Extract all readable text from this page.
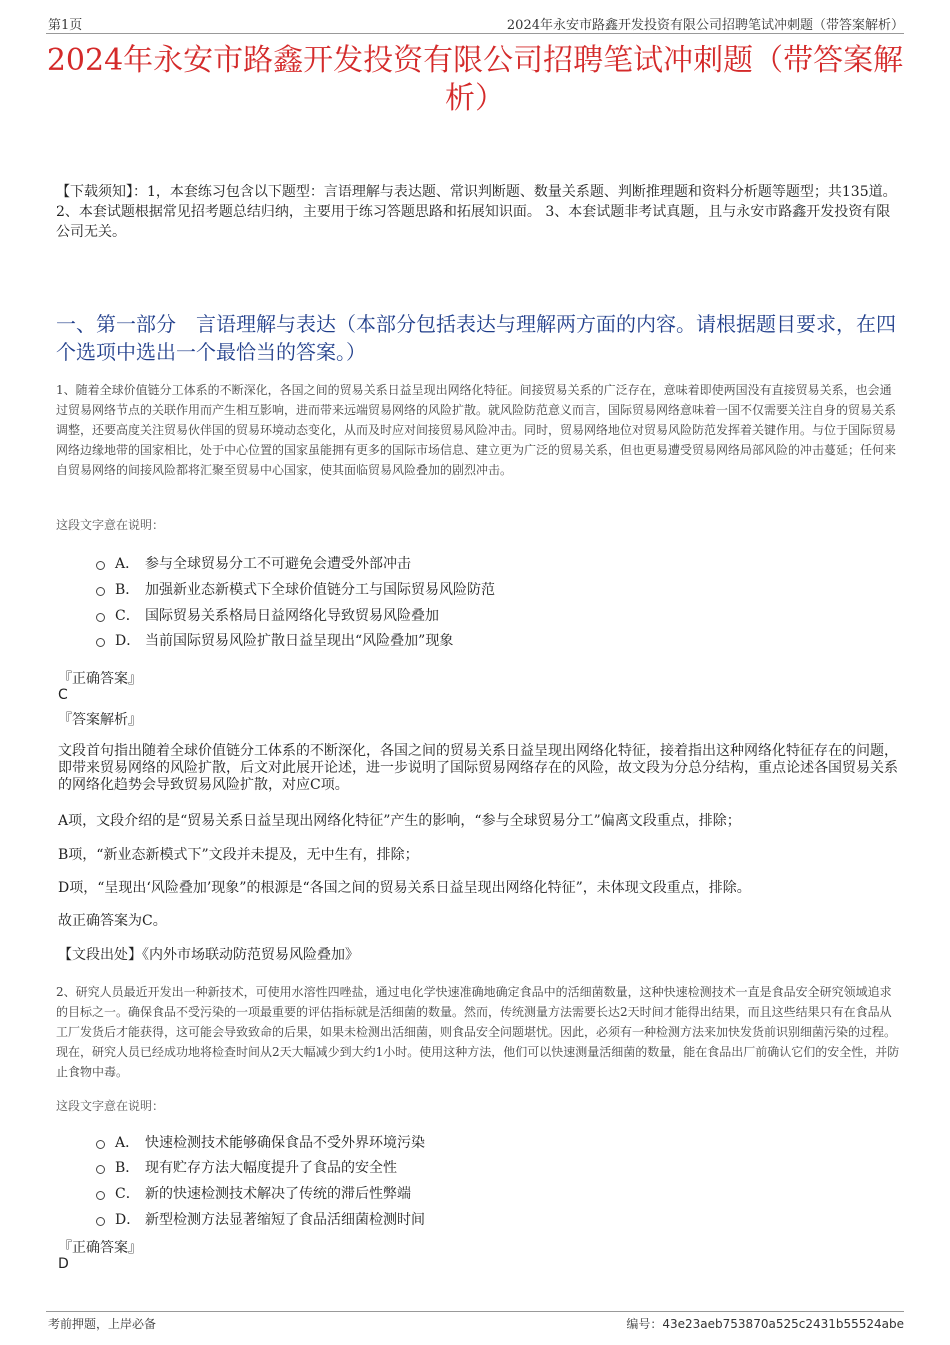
第1页	2024年永安市路鑫开发投资有限公司招聘笔试冲刺题（带答案解析）
2024年永安市路鑫开发投资有限公司招聘笔试冲刺题（带答案解析）
【下载须知】：1，本套练习包含以下题型：言语理解与表达题、常识判断题、数量关系题、判断推理题和资料分析题等题型；共135道。 2、本套试题根据常见招考题总结归纳，主要用于练习答题思路和拓展知识面。 3、本套试题非考试真题，且与永安市路鑫开发投资有限公司无关。
一、第一部分　言语理解与表达（本部分包括表达与理解两方面的内容。请根据题目要求，在四个选项中选出一个最恰当的答案。）
1、随着全球价值链分工体系的不断深化，各国之间的贸易关系日益呈现出网络化特征。间接贸易关系的广泛存在，意味着即使两国没有直接贸易关系，也会通过贸易网络节点的关联作用而产生相互影响，进而带来远端贸易网络的风险扩散。就风险防范意义而言，国际贸易网络意味着一国不仅需要关注自身的贸易关系调整，还要高度关注贸易伙伴国的贸易环境动态变化，从而及时应对间接贸易风险冲击。同时，贸易网络地位对贸易风险防范发挥着关键作用。与位于国际贸易网络边缘地带的国家相比，处于中心位置的国家虽能拥有更多的国际市场信息、建立更为广泛的贸易关系，但也更易遭受贸易网络局部风险的冲击蔓延；任何来自贸易网络的间接风险都将汇聚至贸易中心国家，使其面临贸易风险叠加的剧烈冲击。
这段文字意在说明：
A． 参与全球贸易分工不可避免会遭受外部冲击
B． 加强新业态新模式下全球价值链分工与国际贸易风险防范
C． 国际贸易关系格局日益网络化导致贸易风险叠加
D． 当前国际贸易风险扩散日益呈现出“风险叠加”现象
『正确答案』
C
『答案解析』
文段首句指出随着全球价值链分工体系的不断深化，各国之间的贸易关系日益呈现出网络化特征，接着指出这种网络化特征存在的问题，即带来贸易网络的风险扩散，后文对此展开论述，进一步说明了国际贸易网络存在的风险，故文段为分总分结构，重点论述各国贸易关系的网络化趋势会导致贸易风险扩散，对应C项。
A项，文段介绍的是“贸易关系日益呈现出网络化特征”产生的影响，“参与全球贸易分工”偏离文段重点，排除；
B项，“新业态新模式下”文段并未提及，无中生有，排除；
D项，“呈现出‘风险叠加’现象”的根源是“各国之间的贸易关系日益呈现出网络化特征”，未体现文段重点，排除。
故正确答案为C。
【文段出处】《内外市场联动防范贸易风险叠加》
2、研究人员最近开发出一种新技术，可使用水溶性四唑盐，通过电化学快速准确地确定食品中的活细菌数量，这种快速检测技术一直是食品安全研究领域追求的目标之一。确保食品不受污染的一项最重要的评估指标就是活细菌的数量。然而，传统测量方法需要长达2天时间才能得出结果，而且这些结果只有在食品从工厂发货后才能获得，这可能会导致致命的后果，如果未检测出活细菌，则食品安全问题堪忧。因此，必须有一种检测方法来加快发货前识别细菌污染的过程。现在，研究人员已经成功地将检查时间从2天大幅减少到大约1小时。使用这种方法，他们可以快速测量活细菌的数量，能在食品出厂前确认它们的安全性，并防止食物中毒。
这段文字意在说明：
A． 快速检测技术能够确保食品不受外界环境污染
B． 现有贮存方法大幅度提升了食品的安全性
C． 新的快速检测技术解决了传统的滞后性弊端
D． 新型检测方法显著缩短了食品活细菌检测时间
『正确答案』
D
考前押题，上岸必备	编号：43e23aeb753870a525c2431b55524abe
